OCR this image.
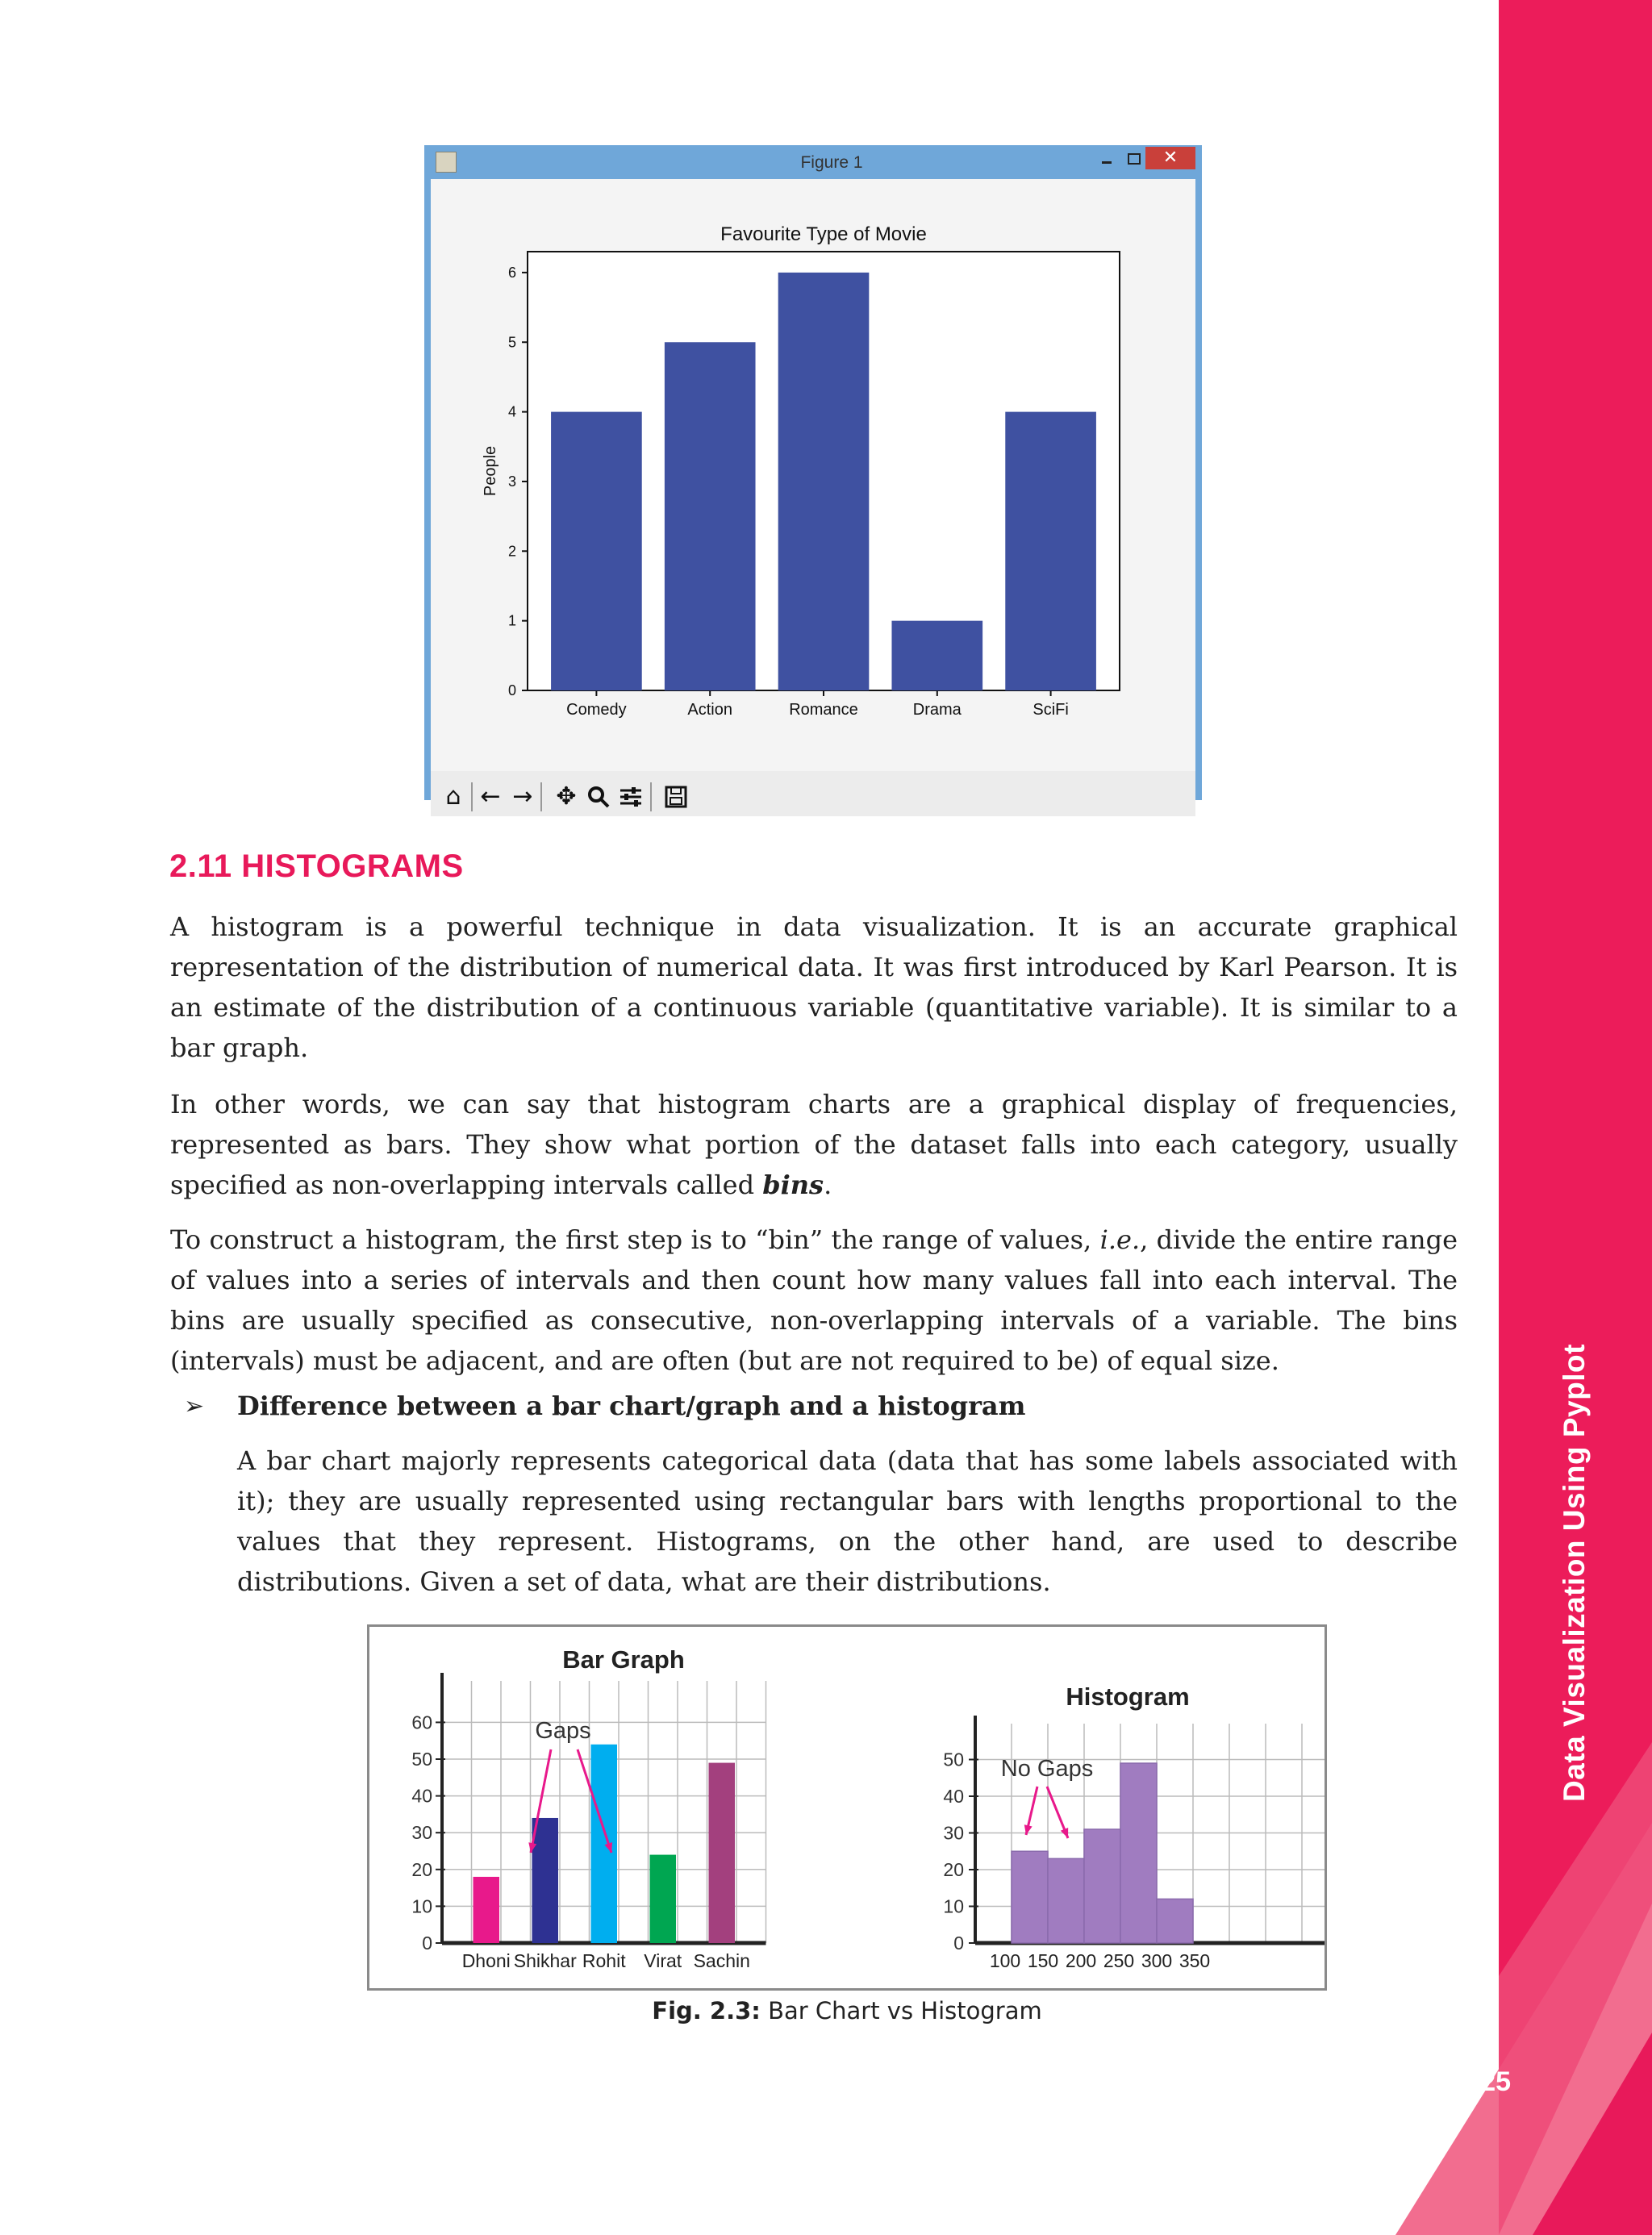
Data Visualization Using Pyplot
2.25
Figure 1	✕
Favourite Type of Movie
People
0
1
2
3
4
5
6
Comedy	Action	Romance	Drama	SciFi
⌂ ← → ✥
2.11 HISTOGRAMS

A histogram is a powerful technique in data visualization. It is an accurate graphical representation of the distribution of numerical data. It was first introduced by Karl Pearson. It is an estimate of the distribution of a continuous variable (quantitative variable). It is similar to a bar graph.

In other words, we can say that histogram charts are a graphical display of frequencies, represented as bars. They show what portion of the dataset falls into each category, usually specified as non-overlapping intervals called bins.

To construct a histogram, the first step is to “bin” the range of values, i.e., divide the entire range of values into a series of intervals and then count how many values fall into each interval. The bins are usually specified as consecutive, non-overlapping intervals of a variable. The bins (intervals) must be adjacent, and are often (but are not required to be) of equal size.

➢ Difference between a bar chart/graph and a histogram

A bar chart majorly represents categorical data (data that has some labels associated with it); they are usually represented using rectangular bars with lengths proportional to the values that they represent. Histograms, on the other hand, are used to describe distributions. Given a set of data, what are their distributions.

Bar Graph
0
10
20
30
40
50
60
Dhoni Shikhar Rohit Virat Sachin
Gaps
Histogram
0
10
20
30
40
50
100 150 200 250 300 350
No Gaps
Fig. 2.3: Bar Chart vs Histogram
